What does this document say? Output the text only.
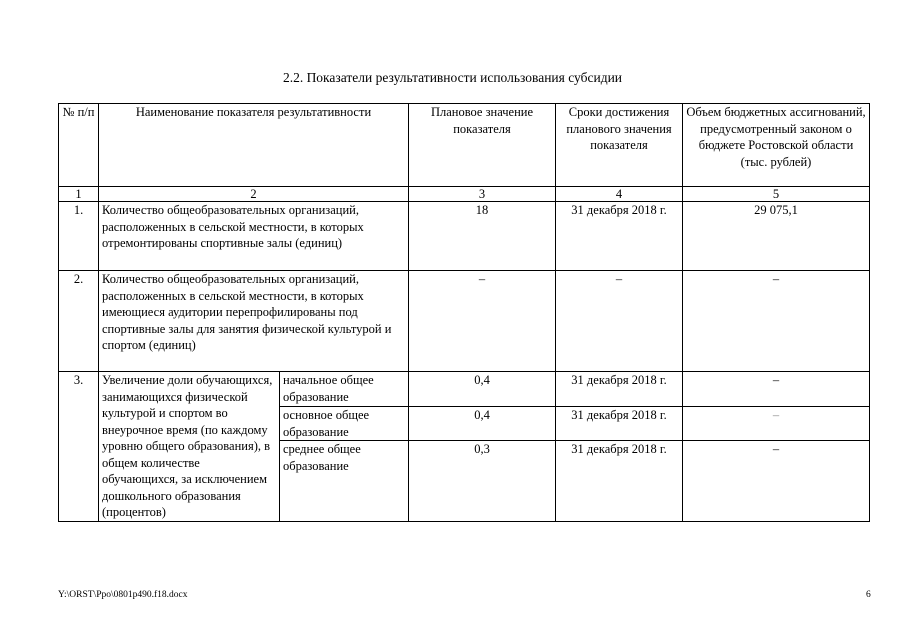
2.2. Показатели результативности использования субсидии
№ п/п	Наименование показателя результативности		Плановое значение показателя	Сроки достижения планового значения показателя	Объем бюджетных ассигнований, предусмотренный законом о бюджете Ростовской области (тыс. рублей)
1	2		3	4	5
1.	Количество общеобразовательных организаций, расположенных в сельской местности, в которых отремонтированы спортивные залы (единиц)		18	31 декабря 2018 г.	29 075,1
2.	Количество общеобразовательных организаций, расположенных в сельской местности, в которых имеющиеся аудитории перепрофилированы под спортивные залы для занятия физической культурой и спортом (единиц)		–	–	–
3.	Увеличение доли обучающихся, занимающихся физической культурой и спортом во внеурочное время (по каждому уровню общего образования), в общем количестве обучающихся, за исключением дошкольного образования (процентов)	начальное общее образование	0,4	31 декабря 2018 г.	–
		основное общее образование	0,4	31 декабря 2018 г.	–
		среднее общее образование	0,3	31 декабря 2018 г.	–
Y:\ORST\Ppo\0801p490.f18.docx	6
